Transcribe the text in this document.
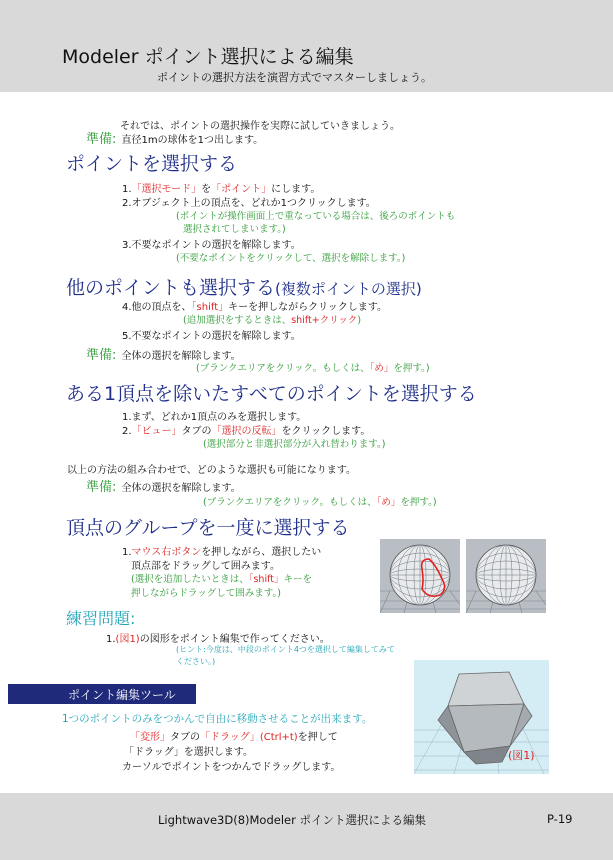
Modeler ポイント選択による編集
ポイントの選択方法を演習方式でマスターしましょう。
それでは、ポイントの選択操作を実際に試していきましょう。
準備: 直径1mの球体を1つ出します。
ポイントを選択する
1.「選択モード」を「ポイント」にします。
2.オブジェクト上の頂点を、どれか1つクリックします。
(ポイントが操作画面上で重なっている場合は、後ろのポイントも
選択されてしまいます。)
3.不要なポイントの選択を解除します。
(不要なポイントをクリックして、選択を解除します。)
他のポイントも選択する(複数ポイントの選択)
4.他の頂点を、「shift」キーを押しながらクリックします。
(追加選択をするときは、shift+クリック)
5.不要なポイントの選択を解除します。
準備: 全体の選択を解除します。
(ブランクエリアをクリック。もしくは、「め」を押す。)
ある1頂点を除いたすべてのポイントを選択する
1.まず、どれか1頂点のみを選択します。
2.「ビュー」タブの「選択の反転」をクリックします。
(選択部分と非選択部分が入れ替わります。)
以上の方法の組み合わせで、どのような選択も可能になります。
準備: 全体の選択を解除します。
(ブランクエリアをクリック。もしくは、「め」を押す。)
頂点のグループを一度に選択する
1.マウス右ボタンを押しながら、選択したい
頂点部をドラッグして囲みます。
(選択を追加したいときは、「shift」キーを
押しながらドラッグして囲みます。)
練習問題:
1.(図1)の図形をポイント編集で作ってください。
(ヒント:今度は、中段のポイント4つを選択して編集してみてください。)
ポイント編集ツール
1つのポイントのみをつかんで自由に移動させることが出来ます。
「変形」タブの「ドラッグ」(Ctrl+t)を押して
「ドラッグ」を選択します。
カーソルでポイントをつかんでドラッグします。
(図1)
Lightwave3D(8)Modeler ポイント選択による編集	P-19
